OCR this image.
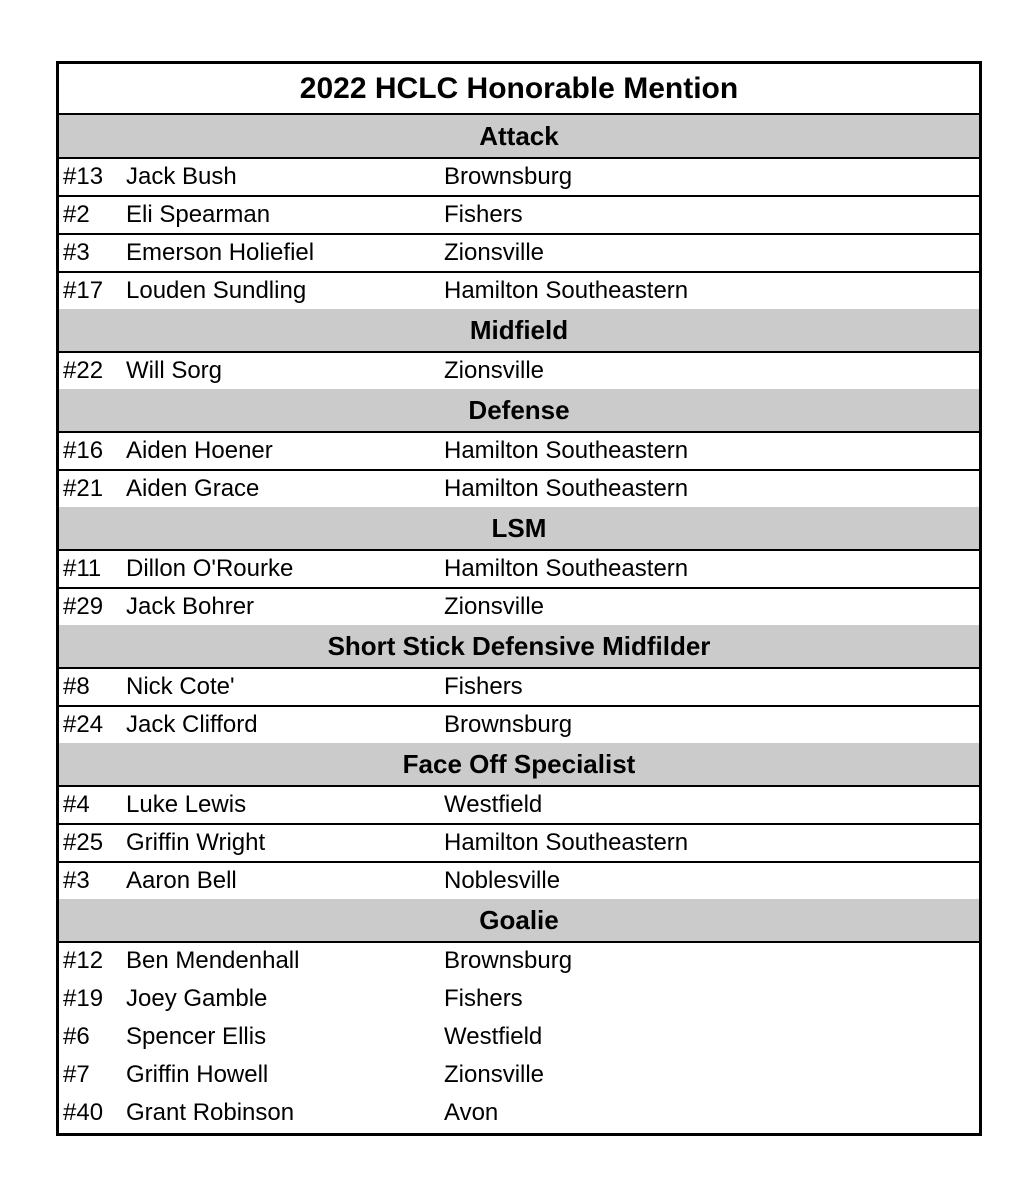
2022 HCLC Honorable Mention
Attack
#13 Jack Bush	Brownsburg
#2 Eli Spearman	Fishers
#3 Emerson Holiefiel	Zionsville
#17 Louden Sundling	Hamilton Southeastern
Midfield
#22 Will Sorg	Zionsville
Defense
#16 Aiden Hoener	Hamilton Southeastern
#21 Aiden Grace	Hamilton Southeastern
LSM
#11 Dillon O'Rourke	Hamilton Southeastern
#29 Jack Bohrer	Zionsville
Short Stick Defensive Midfilder
#8 Nick Cote'	Fishers
#24 Jack Clifford	Brownsburg
Face Off Specialist
#4 Luke Lewis	Westfield
#25 Griffin Wright	Hamilton Southeastern
#3 Aaron Bell	Noblesville
Goalie
#12 Ben Mendenhall	Brownsburg
#19 Joey Gamble	Fishers
#6 Spencer Ellis	Westfield
#7 Griffin Howell	Zionsville
#40 Grant Robinson	Avon
